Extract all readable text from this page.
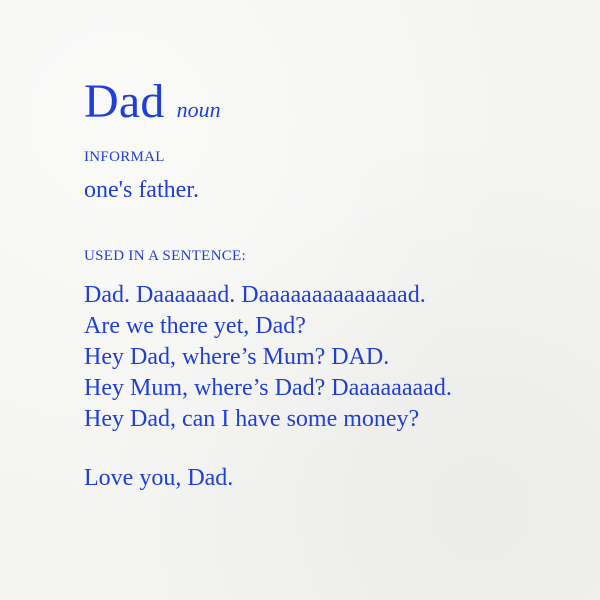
Dad noun
INFORMAL
one's father.
USED IN A SENTENCE:
Dad. Daaaaaad. Daaaaaaaaaaaaaad.
Are we there yet, Dad?
Hey Dad, where’s Mum? DAD.
Hey Mum, where’s Dad? Daaaaaaaad.
Hey Dad, can I have some money?
Love you, Dad.
